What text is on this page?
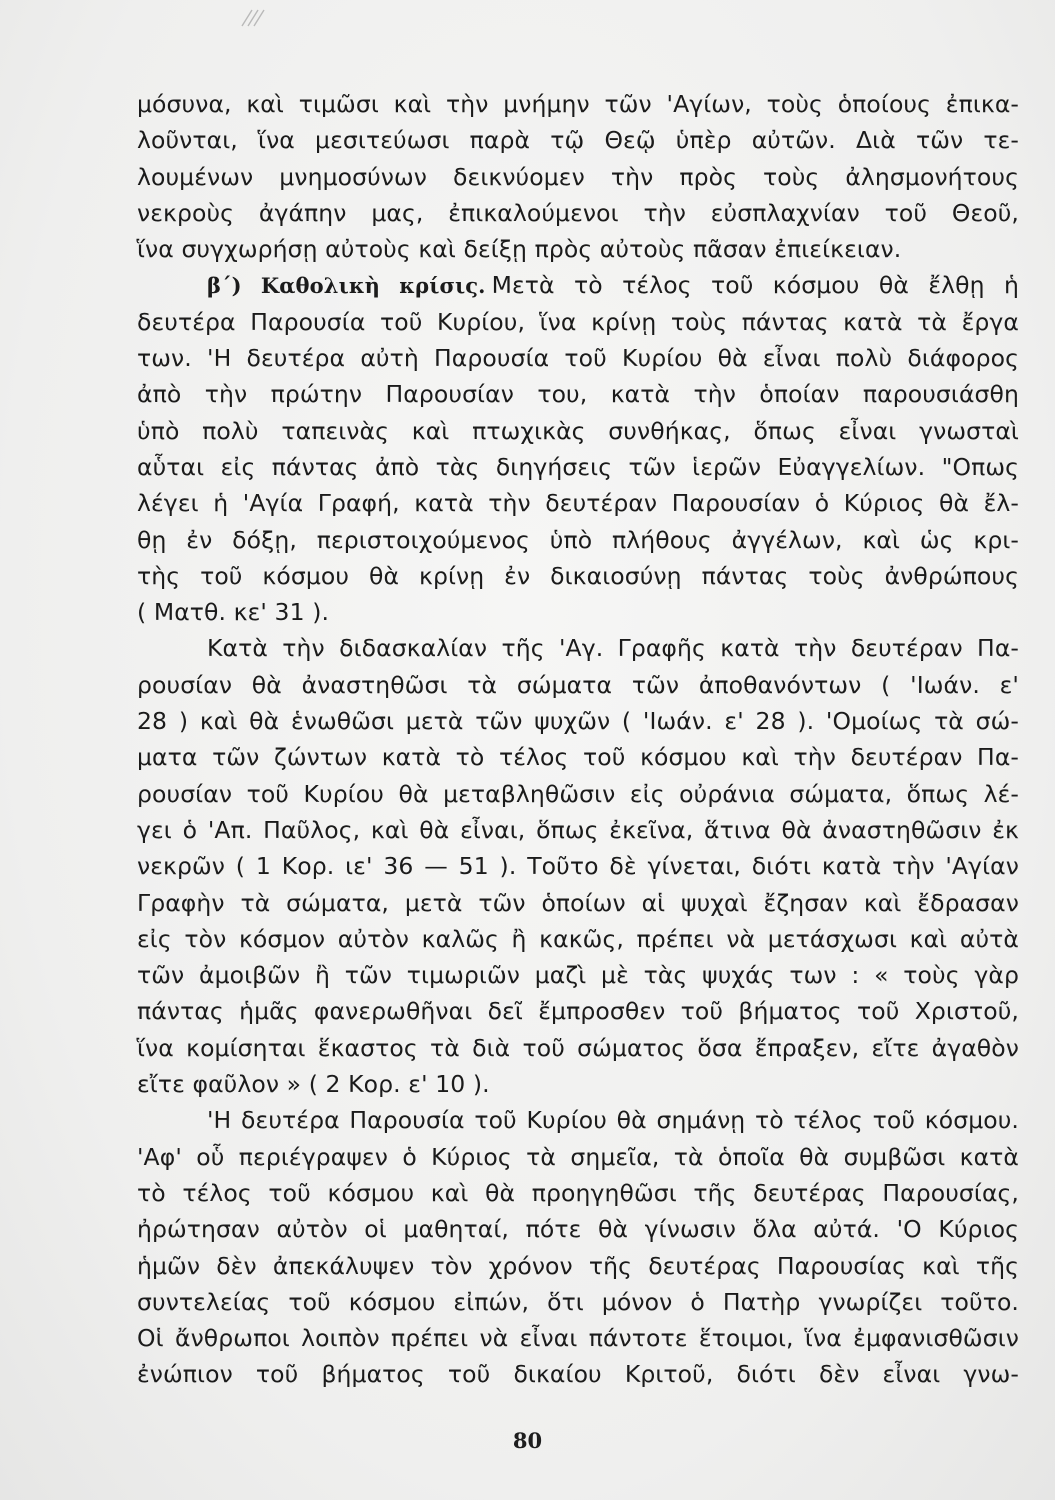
μόσυνα, καὶ τιμῶσι καὶ τὴν μνήμην τῶν 'Αγίων, τοὺς ὁποίους ἐπικα-
λοῦνται, ἵνα μεσιτεύωσι παρὰ τῷ Θεῷ ὑπὲρ αὐτῶν. Διὰ τῶν τε-
λουμένων μνημοσύνων δεικνύομεν τὴν πρὸς τοὺς ἀλησμονήτους
νεκροὺς ἀγάπην μας, ἐπικαλούμενοι τὴν εὐσπλαχνίαν τοῦ Θεοῦ,
ἵνα συγχωρήσῃ αὐτοὺς καὶ δείξῃ πρὸς αὐτοὺς πᾶσαν ἐπιείκειαν.
β΄) Καθολικὴ κρίσις. Μετὰ τὸ τέλος τοῦ κόσμου θὰ ἔλθῃ ἡ
δευτέρα Παρουσία τοῦ Κυρίου, ἵνα κρίνῃ τοὺς πάντας κατὰ τὰ ἔργα
των. 'Η δευτέρα αὐτὴ Παρουσία τοῦ Κυρίου θὰ εἶναι πολὺ διάφορος
ἀπὸ τὴν πρώτην Παρουσίαν του, κατὰ τὴν ὁποίαν παρουσιάσθη
ὑπὸ πολὺ ταπεινὰς καὶ πτωχικὰς συνθήκας, ὅπως εἶναι γνωσταὶ
αὗται εἰς πάντας ἀπὸ τὰς διηγήσεις τῶν ἱερῶν Εὐαγγελίων. "Οπως
λέγει ἡ 'Αγία Γραφή, κατὰ τὴν δευτέραν Παρουσίαν ὁ Κύριος θὰ ἔλ-
θῃ ἐν δόξῃ, περιστοιχούμενος ὑπὸ πλήθους ἀγγέλων, καὶ ὡς κρι-
τὴς τοῦ κόσμου θὰ κρίνῃ ἐν δικαιοσύνῃ πάντας τοὺς ἀνθρώπους
( Ματθ. κε' 31 ).
Κατὰ τὴν διδασκαλίαν τῆς 'Αγ. Γραφῆς κατὰ τὴν δευτέραν Πα-
ρουσίαν θὰ ἀναστηθῶσι τὰ σώματα τῶν ἀποθανόντων ( 'Ιωάν. ε'
28 ) καὶ θὰ ἑνωθῶσι μετὰ τῶν ψυχῶν ( 'Ιωάν. ε' 28 ). 'Ομοίως τὰ σώ-
ματα τῶν ζώντων κατὰ τὸ τέλος τοῦ κόσμου καὶ τὴν δευτέραν Πα-
ρουσίαν τοῦ Κυρίου θὰ μεταβληθῶσιν εἰς οὐράνια σώματα, ὅπως λέ-
γει ὁ 'Απ. Παῦλος, καὶ θὰ εἶναι, ὅπως ἐκεῖνα, ἅτινα θὰ ἀναστηθῶσιν ἐκ
νεκρῶν ( 1 Κορ. ιε' 36 — 51 ). Τοῦτο δὲ γίνεται, διότι κατὰ τὴν 'Αγίαν
Γραφὴν τὰ σώματα, μετὰ τῶν ὁποίων αἱ ψυχαὶ ἔζησαν καὶ ἔδρασαν
εἰς τὸν κόσμον αὐτὸν καλῶς ἢ κακῶς, πρέπει νὰ μετάσχωσι καὶ αὐτὰ
τῶν ἀμοιβῶν ἢ τῶν τιμωριῶν μαζὶ μὲ τὰς ψυχάς των : « τοὺς γὰρ
πάντας ἡμᾶς φανερωθῆναι δεῖ ἔμπροσθεν τοῦ βήματος τοῦ Χριστοῦ,
ἵνα κομίσηται ἕκαστος τὰ διὰ τοῦ σώματος ὅσα ἔπραξεν, εἴτε ἀγαθὸν
εἴτε φαῦλον » ( 2 Κορ. ε' 10 ).
'Η δευτέρα Παρουσία τοῦ Κυρίου θὰ σημάνῃ τὸ τέλος τοῦ κόσμου.
'Αφ' οὗ περιέγραψεν ὁ Κύριος τὰ σημεῖα, τὰ ὁποῖα θὰ συμβῶσι κατὰ
τὸ τέλος τοῦ κόσμου καὶ θὰ προηγηθῶσι τῆς δευτέρας Παρουσίας,
ἠρώτησαν αὐτὸν οἱ μαθηταί, πότε θὰ γίνωσιν ὅλα αὐτά. 'Ο Κύριος
ἡμῶν δὲν ἀπεκάλυψεν τὸν χρόνον τῆς δευτέρας Παρουσίας καὶ τῆς
συντελείας τοῦ κόσμου εἰπών, ὅτι μόνον ὁ Πατὴρ γνωρίζει τοῦτο.
Οἱ ἄνθρωποι λοιπὸν πρέπει νὰ εἶναι πάντοτε ἕτοιμοι, ἵνα ἐμφανισθῶσιν
ἐνώπιον τοῦ βήματος τοῦ δικαίου Κριτοῦ, διότι δὲν εἶναι γνω-
80
